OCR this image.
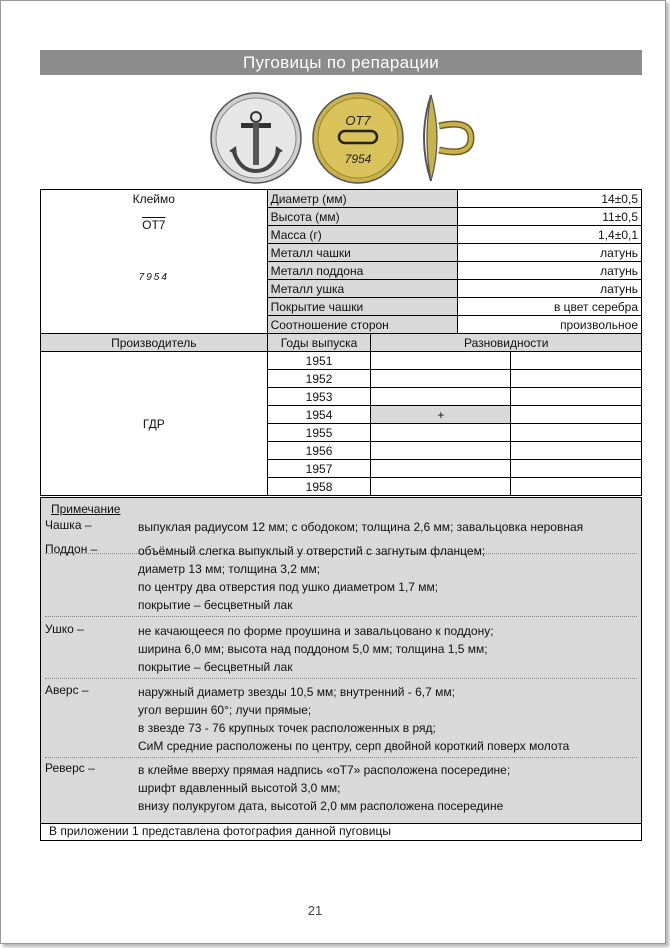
Пуговицы по репарации
ОТ7
7954
Клеймо
ОТ7
7954	Диаметр (мм)		14±0,5	
	Высота (мм)		11±0,5	
	Масса (г)		1,4±0,1	
	Металл чашки		латунь	
	Металл поддона		латунь	
	Металл ушка		латунь	
	Покрытие чашки		в цвет серебра	
	Соотношение сторон		произвольное	
Производитель	Годы выпуска	Разновидности		
ГДР	1951			
	1952			
	1953			
	1954	+		
	1955			
	1956			
	1957			
	1958			
Примечание
Чашка –	выпуклая радиусом 12 мм; с ободоком; толщина 2,6 мм; завальцовка неровная
Поддон –	объёмный слегка выпуклый у отверстий с загнутым фланцем;
диаметр 13 мм; толщина 3,2 мм;
по центру два отверстия под ушко диаметром 1,7 мм;
покрытие – бесцветный лак
Ушко –	не качающееся по форме проушина и завальцовано к поддону;
ширина 6,0 мм; высота над поддоном 5,0 мм; толщина 1,5 мм;
покрытие – бесцветный лак
Аверс –	наружный диаметр звезды 10,5 мм; внутренний - 6,7 мм;
угол вершин 60°; лучи прямые;
в звезде 73 - 76 крупных точек расположенных в ряд;
СиМ средние расположены по центру, серп двойной короткий поверх молота
Реверс –	в клейме вверху прямая надпись «оТ7» расположена посередине;
шрифт вдавленный высотой 3,0 мм;
внизу полукругом дата, высотой 2,0 мм расположена посередине
В приложении 1 представлена фотография данной пуговицы
21
